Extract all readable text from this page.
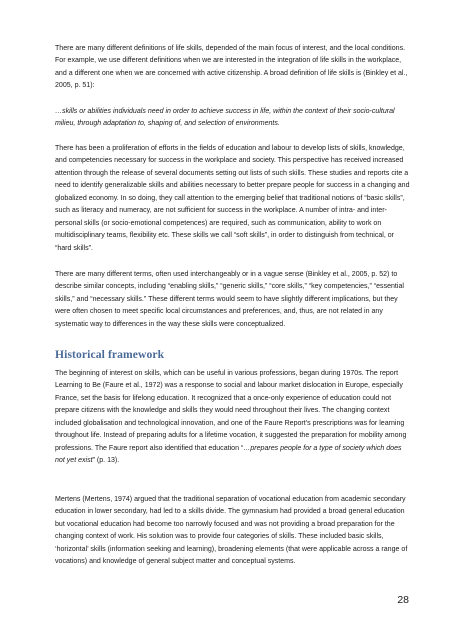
There are many different definitions of life skills, depended of the main focus of interest, and the local conditions. For example, we use different definitions when we are interested in the integration of life skills in the workplace, and a different one when we are concerned with active citizenship. A broad definition of life skills is (Binkley et al., 2005, p. 51):

…skills or abilities individuals need in order to achieve success in life, within the context of their socio-cultural milieu, through adaptation to, shaping of, and selection of environments.

There has been a proliferation of efforts in the fields of education and labour to develop lists of skills, knowledge, and competencies necessary for success in the workplace and society. This perspective has received increased attention through the release of several documents setting out lists of such skills. These studies and reports cite a need to identify generalizable skills and abilities necessary to better prepare people for success in a changing and globalized economy. In so doing, they call attention to the emerging belief that traditional notions of “basic skills”, such as literacy and numeracy, are not sufficient for success in the workplace. A number of intra- and inter-personal skills (or socio-emotional competences) are required, such as communication, ability to work on multidisciplinary teams, flexibility etc. These skills we call “soft skills”, in order to distinguish from technical, or “hard skills”.

There are many different terms, often used interchangeably or in a vague sense (Binkley et al., 2005, p. 52) to describe similar concepts, including “enabling skills,” “generic skills,” “core skills,” “key competencies,” “essential skills,” and “necessary skills.” These different terms would seem to have slightly different implications, but they were often chosen to meet specific local circumstances and preferences, and, thus, are not related in any systematic way to differences in the way these skills were conceptualized.

Historical framework

The beginning of interest on skills, which can be useful in various professions, began during 1970s. The report Learning to Be (Faure et al., 1972) was a response to social and labour market dislocation in Europe, especially France, set the basis for lifelong education. It recognized that a once-only experience of education could not prepare citizens with the knowledge and skills they would need throughout their lives. The changing context included globalisation and technological innovation, and one of the Faure Report’s prescriptions was for learning throughout life. Instead of preparing adults for a lifetime vocation, it suggested the preparation for mobility among professions. The Faure report also identified that education “…prepares people for a type of society which does not yet exist” (p. 13).

Mertens (Mertens, 1974) argued that the traditional separation of vocational education from academic secondary education in lower secondary, had led to a skills divide. The gymnasium had provided a broad general education but vocational education had become too narrowly focused and was not providing a broad preparation for the changing context of work. His solution was to provide four categories of skills. These included basic skills, ‘horizontal’ skills (information seeking and learning), broadening elements (that were applicable across a range of vocations) and knowledge of general subject matter and conceptual systems.

28
